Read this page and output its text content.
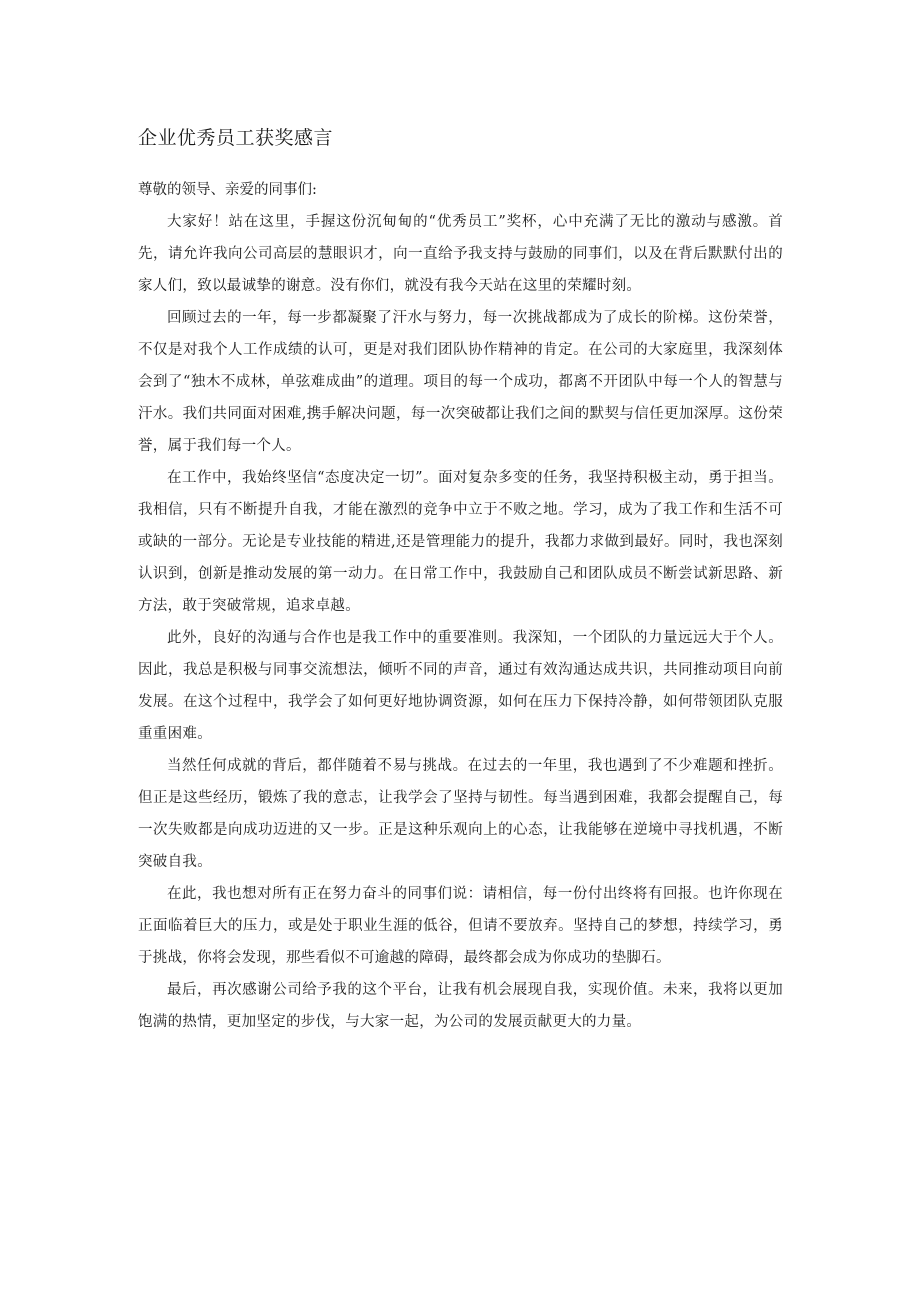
企业优秀员工获奖感言

尊敬的领导、亲爱的同事们:

大家好！站在这里，手握这份沉甸甸的“优秀员工”奖杯，心中充满了无比的激动与感激。首先，请允许我向公司高层的慧眼识才，向一直给予我支持与鼓励的同事们，以及在背后默默付出的家人们，致以最诚挚的谢意。没有你们，就没有我今天站在这里的荣耀时刻。

回顾过去的一年，每一步都凝聚了汗水与努力，每一次挑战都成为了成长的阶梯。这份荣誉，不仅是对我个人工作成绩的认可，更是对我们团队协作精神的肯定。在公司的大家庭里，我深刻体会到了“独木不成林，单弦难成曲”的道理。项目的每一个成功，都离不开团队中每一个人的智慧与汗水。我们共同面对困难,携手解决问题，每一次突破都让我们之间的默契与信任更加深厚。这份荣誉，属于我们每一个人。

在工作中，我始终坚信“态度决定一切”。面对复杂多变的任务，我坚持积极主动，勇于担当。我相信，只有不断提升自我，才能在激烈的竞争中立于不败之地。学习，成为了我工作和生活不可或缺的一部分。无论是专业技能的精进,还是管理能力的提升，我都力求做到最好。同时，我也深刻认识到，创新是推动发展的第一动力。在日常工作中，我鼓励自己和团队成员不断尝试新思路、新方法，敢于突破常规，追求卓越。

此外，良好的沟通与合作也是我工作中的重要准则。我深知，一个团队的力量远远大于个人。因此，我总是积极与同事交流想法，倾听不同的声音，通过有效沟通达成共识，共同推动项目向前发展。在这个过程中，我学会了如何更好地协调资源，如何在压力下保持冷静，如何带领团队克服重重困难。

当然任何成就的背后，都伴随着不易与挑战。在过去的一年里，我也遇到了不少难题和挫折。但正是这些经历，锻炼了我的意志，让我学会了坚持与韧性。每当遇到困难，我都会提醒自己，每一次失败都是向成功迈进的又一步。正是这种乐观向上的心态，让我能够在逆境中寻找机遇，不断突破自我。

在此，我也想对所有正在努力奋斗的同事们说：请相信，每一份付出终将有回报。也许你现在正面临着巨大的压力，或是处于职业生涯的低谷，但请不要放弃。坚持自己的梦想，持续学习，勇于挑战，你将会发现，那些看似不可逾越的障碍，最终都会成为你成功的垫脚石。

最后，再次感谢公司给予我的这个平台，让我有机会展现自我，实现价值。未来，我将以更加饱满的热情，更加坚定的步伐，与大家一起，为公司的发展贡献更大的力量。
